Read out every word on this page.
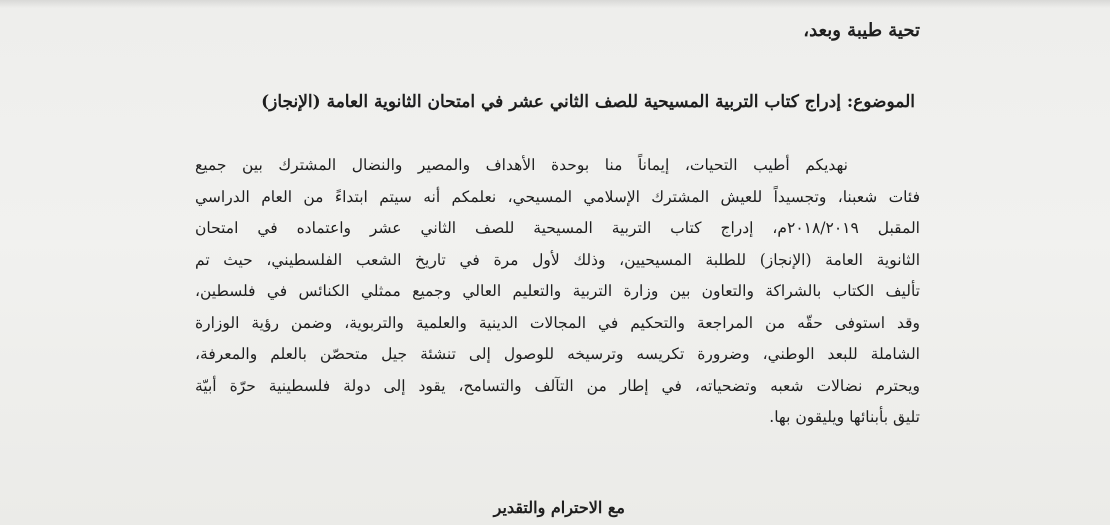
تحية طيبة وبعد،
الموضوع: إدراج كتاب التربية المسيحية للصف الثاني عشر في امتحان الثانوية العامة (الإنجاز)
نهديكم أطيب التحيات، إيماناً منا بوحدة الأهداف والمصير والنضال المشترك بين جميع
فئات شعبنا، وتجسيداً للعيش المشترك الإسلامي المسيحي، نعلمكم أنه سيتم ابتداءً من العام الدراسي
المقبل ٢٠١٨/٢٠١٩م، إدراج كتاب التربية المسيحية للصف الثاني عشر واعتماده في امتحان
الثانوية العامة (الإنجاز) للطلبة المسيحيين، وذلك لأول مرة في تاريخ الشعب الفلسطيني، حيث تم
تأليف الكتاب بالشراكة والتعاون بين وزارة التربية والتعليم العالي وجميع ممثلي الكنائس في فلسطين،
وقد استوفى حقّه من المراجعة والتحكيم في المجالات الدينية والعلمية والتربوية، وضمن رؤية الوزارة
الشاملة للبعد الوطني، وضرورة تكريسه وترسيخه للوصول إلى تنشئة جيل متحصّن بالعلم والمعرفة،
ويحترم نضالات شعبه وتضحياته، في إطار من التآلف والتسامح، يقود إلى دولة فلسطينية حرّة أبيّة
تليق بأبنائها ويليقون بها.
مع الاحترام والتقدير
